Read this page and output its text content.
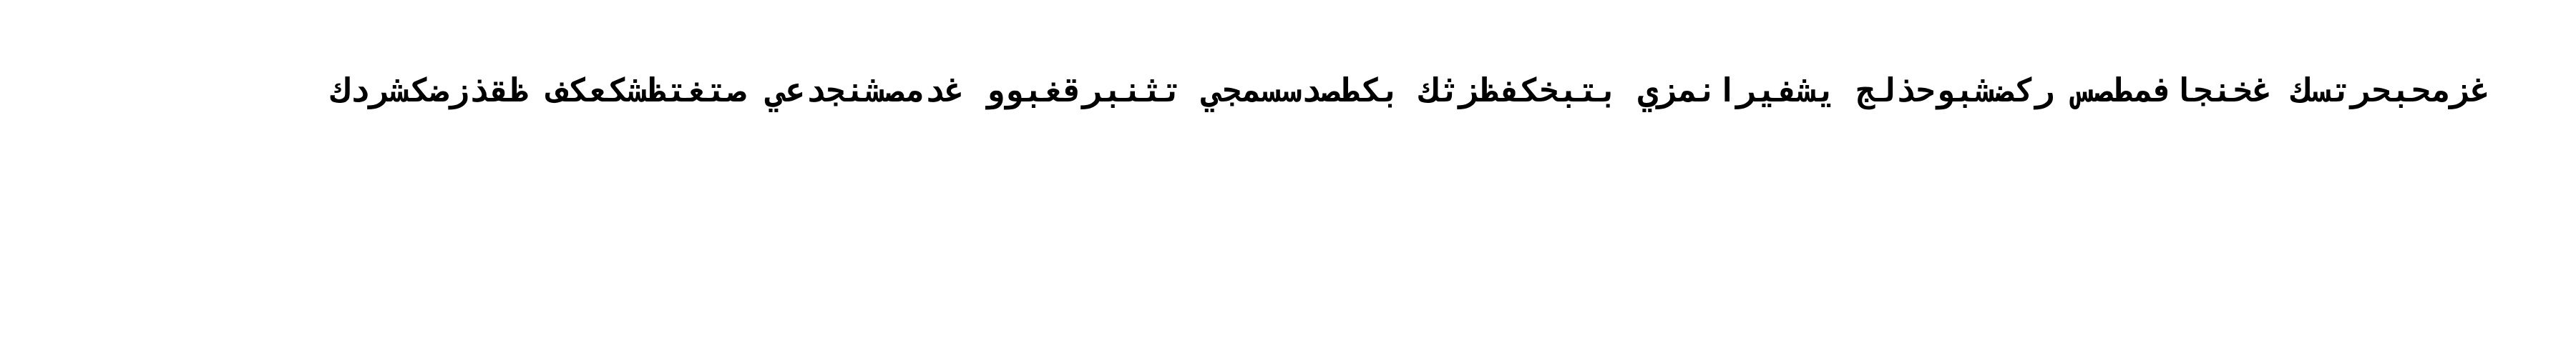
غزمحبحرتسك غخنجافمطصس ركضشبوحذلج يشفيرانمزي بتبخكفظزثك بكطصدسسمجي تثنبرقغبوو غدمصشنجدعي صتغتظشكعكف ظقذزضكشردك
